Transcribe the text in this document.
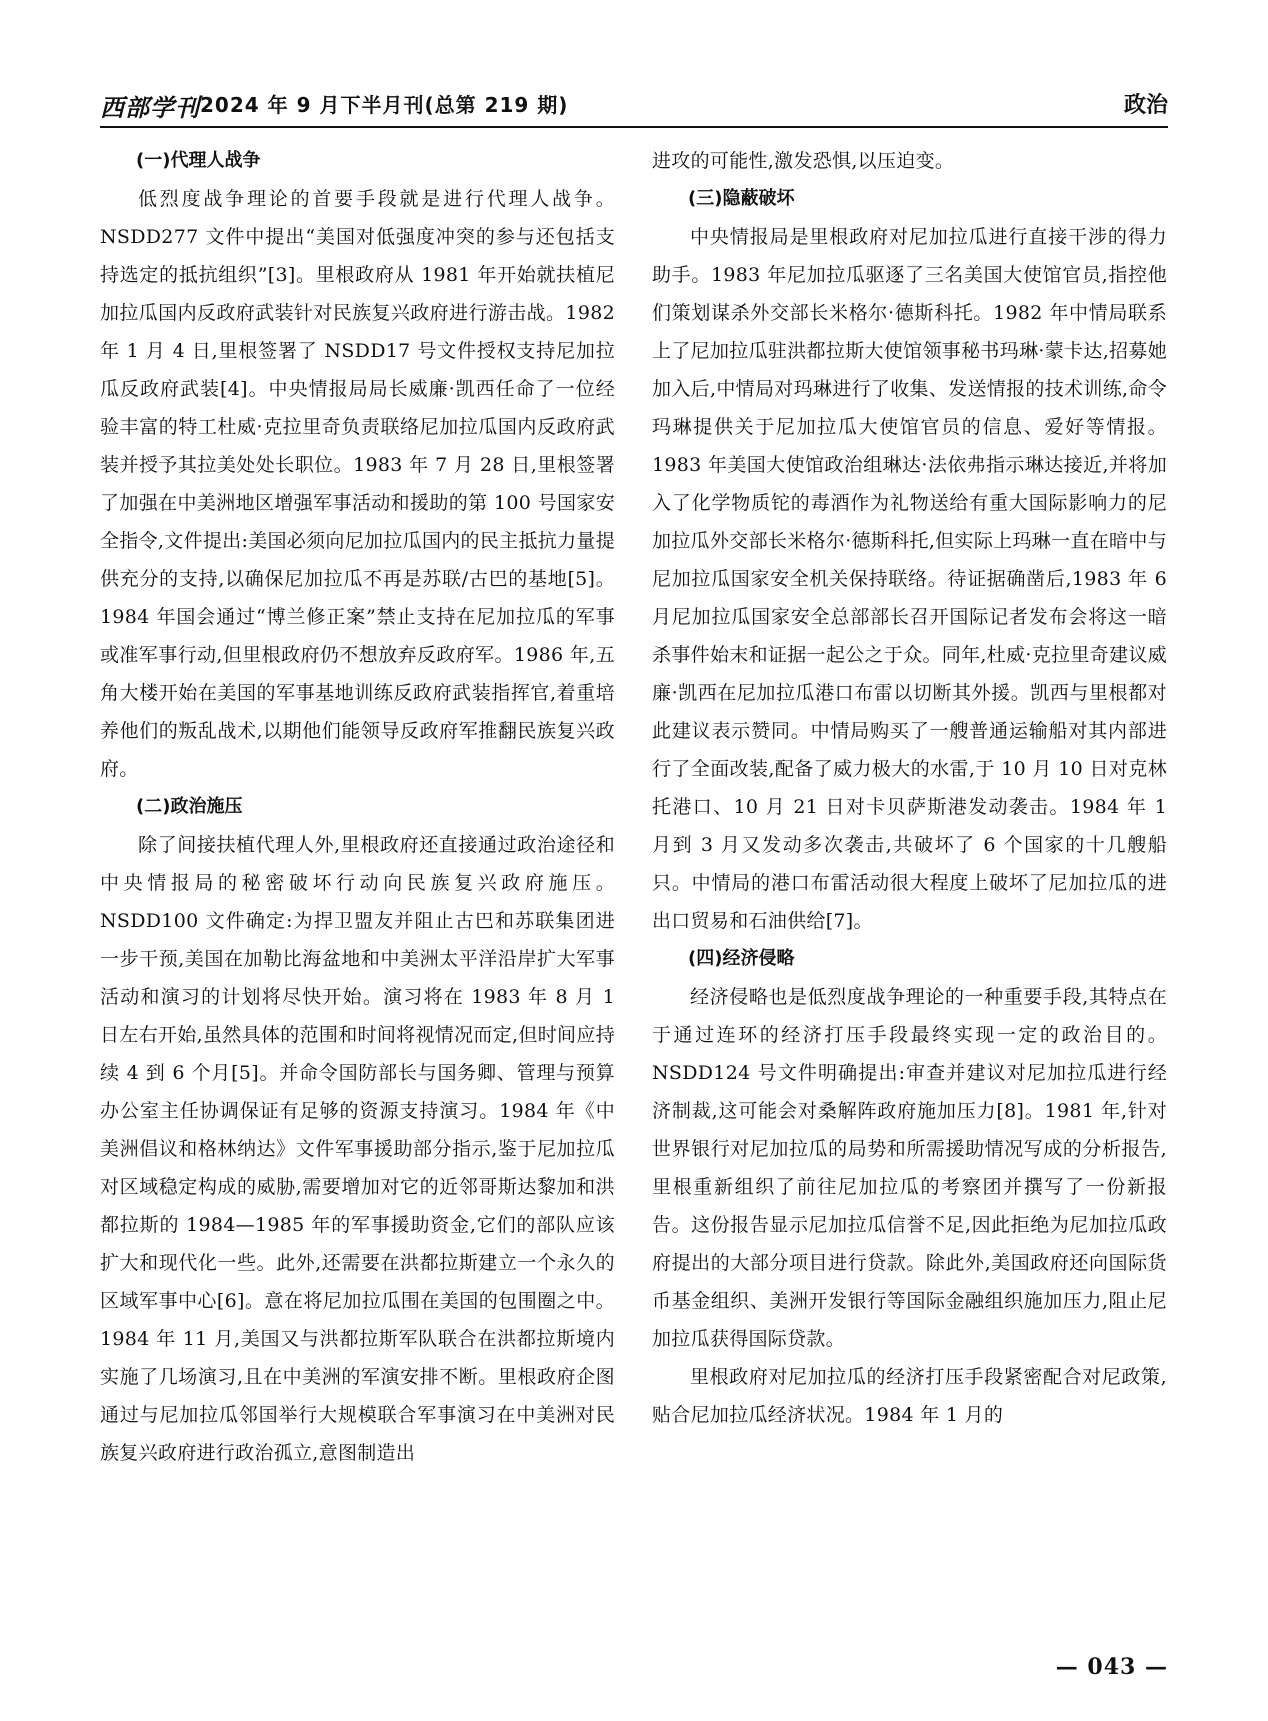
西部学刊 2024 年 9 月下半月刊(总第 219 期)	政治
(一)代理人战争

低烈度战争理论的首要手段就是进行代理人战争。NSDD277 文件中提出“美国对低强度冲突的参与还包括支持选定的抵抗组织”[3]。里根政府从 1981 年开始就扶植尼加拉瓜国内反政府武装针对民族复兴政府进行游击战。1982 年 1 月 4 日,里根签署了 NSDD17 号文件授权支持尼加拉瓜反政府武装[4]。中央情报局局长威廉·凯西任命了一位经验丰富的特工杜威·克拉里奇负责联络尼加拉瓜国内反政府武装并授予其拉美处处长职位。1983 年 7 月 28 日,里根签署了加强在中美洲地区增强军事活动和援助的第 100 号国家安全指令,文件提出:美国必须向尼加拉瓜国内的民主抵抗力量提供充分的支持,以确保尼加拉瓜不再是苏联/古巴的基地[5]。1984 年国会通过“博兰修正案”禁止支持在尼加拉瓜的军事或准军事行动,但里根政府仍不想放弃反政府军。1986 年,五角大楼开始在美国的军事基地训练反政府武装指挥官,着重培养他们的叛乱战术,以期他们能领导反政府军推翻民族复兴政府。

(二)政治施压

除了间接扶植代理人外,里根政府还直接通过政治途径和中央情报局的秘密破坏行动向民族复兴政府施压。NSDD100 文件确定:为捍卫盟友并阻止古巴和苏联集团进一步干预,美国在加勒比海盆地和中美洲太平洋沿岸扩大军事活动和演习的计划将尽快开始。演习将在 1983 年 8 月 1 日左右开始,虽然具体的范围和时间将视情况而定,但时间应持续 4 到 6 个月[5]。并命令国防部长与国务卿、管理与预算办公室主任协调保证有足够的资源支持演习。1984 年《中美洲倡议和格林纳达》文件军事援助部分指示,鉴于尼加拉瓜对区域稳定构成的威胁,需要增加对它的近邻哥斯达黎加和洪都拉斯的 1984—1985 年的军事援助资金,它们的部队应该扩大和现代化一些。此外,还需要在洪都拉斯建立一个永久的区域军事中心[6]。意在将尼加拉瓜围在美国的包围圈之中。1984 年 11 月,美国又与洪都拉斯军队联合在洪都拉斯境内实施了几场演习,且在中美洲的军演安排不断。里根政府企图通过与尼加拉瓜邻国举行大规模联合军事演习在中美洲对民族复兴政府进行政治孤立,意图制造出

进攻的可能性,激发恐惧,以压迫变。

(三)隐蔽破坏

中央情报局是里根政府对尼加拉瓜进行直接干涉的得力助手。1983 年尼加拉瓜驱逐了三名美国大使馆官员,指控他们策划谋杀外交部长米格尔·德斯科托。1982 年中情局联系上了尼加拉瓜驻洪都拉斯大使馆领事秘书玛琳·蒙卡达,招募她加入后,中情局对玛琳进行了收集、发送情报的技术训练,命令玛琳提供关于尼加拉瓜大使馆官员的信息、爱好等情报。1983 年美国大使馆政治组琳达·法依弗指示琳达接近,并将加入了化学物质铊的毒酒作为礼物送给有重大国际影响力的尼加拉瓜外交部长米格尔·德斯科托,但实际上玛琳一直在暗中与尼加拉瓜国家安全机关保持联络。待证据确凿后,1983 年 6 月尼加拉瓜国家安全总部部长召开国际记者发布会将这一暗杀事件始末和证据一起公之于众。同年,杜威·克拉里奇建议威廉·凯西在尼加拉瓜港口布雷以切断其外援。凯西与里根都对此建议表示赞同。中情局购买了一艘普通运输船对其内部进行了全面改装,配备了威力极大的水雷,于 10 月 10 日对克林托港口、10 月 21 日对卡贝萨斯港发动袭击。1984 年 1 月到 3 月又发动多次袭击,共破坏了 6 个国家的十几艘船只。中情局的港口布雷活动很大程度上破坏了尼加拉瓜的进出口贸易和石油供给[7]。

(四)经济侵略

经济侵略也是低烈度战争理论的一种重要手段,其特点在于通过连环的经济打压手段最终实现一定的政治目的。NSDD124 号文件明确提出:审查并建议对尼加拉瓜进行经济制裁,这可能会对桑解阵政府施加压力[8]。1981 年,针对世界银行对尼加拉瓜的局势和所需援助情况写成的分析报告,里根重新组织了前往尼加拉瓜的考察团并撰写了一份新报告。这份报告显示尼加拉瓜信誉不足,因此拒绝为尼加拉瓜政府提出的大部分项目进行贷款。除此外,美国政府还向国际货币基金组织、美洲开发银行等国际金融组织施加压力,阻止尼加拉瓜获得国际贷款。

里根政府对尼加拉瓜的经济打压手段紧密配合对尼政策,贴合尼加拉瓜经济状况。1984 年 1 月的

— 043 —
